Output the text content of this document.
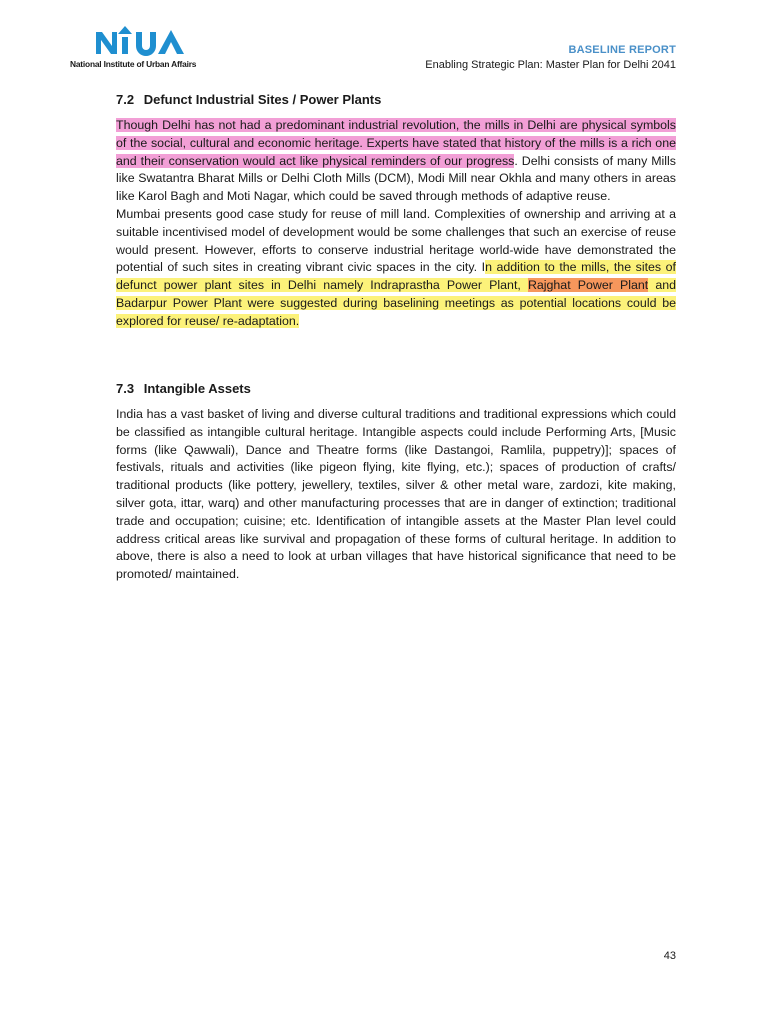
National Institute of Urban Affairs
BASELINE REPORT
Enabling Strategic Plan: Master Plan for Delhi 2041
7.2 Defunct Industrial Sites / Power Plants

Though Delhi has not had a predominant industrial revolution, the mills in Delhi are physical symbols of the social, cultural and economic heritage. Experts have stated that history of the mills is a rich one and their conservation would act like physical reminders of our progress. Delhi consists of many Mills like Swatantra Bharat Mills or Delhi Cloth Mills (DCM), Modi Mill near Okhla and many others in areas like Karol Bagh and Moti Nagar, which could be saved through methods of adaptive reuse.
Mumbai presents good case study for reuse of mill land. Complexities of ownership and arriving at a suitable incentivised model of development would be some challenges that such an exercise of reuse would present. However, efforts to conserve industrial heritage world-wide have demonstrated the potential of such sites in creating vibrant civic spaces in the city. In addition to the mills, the sites of defunct power plant sites in Delhi namely Indraprastha Power Plant, Rajghat Power Plant and Badarpur Power Plant were suggested during baselining meetings as potential locations could be explored for reuse/ re-adaptation.

7.3 Intangible Assets

India has a vast basket of living and diverse cultural traditions and traditional expressions which could be classified as intangible cultural heritage. Intangible aspects could include Performing Arts, [Music forms (like Qawwali), Dance and Theatre forms (like Dastangoi, Ramlila, puppetry)]; spaces of festivals, rituals and activities (like pigeon flying, kite flying, etc.); spaces of production of crafts/ traditional products (like pottery, jewellery, textiles, silver & other metal ware, zardozi, kite making, silver gota, ittar, warq) and other manufacturing processes that are in danger of extinction; traditional trade and occupation; cuisine; etc. Identification of intangible assets at the Master Plan level could address critical areas like survival and propagation of these forms of cultural heritage. In addition to above, there is also a need to look at urban villages that have historical significance that need to be promoted/ maintained.

43
